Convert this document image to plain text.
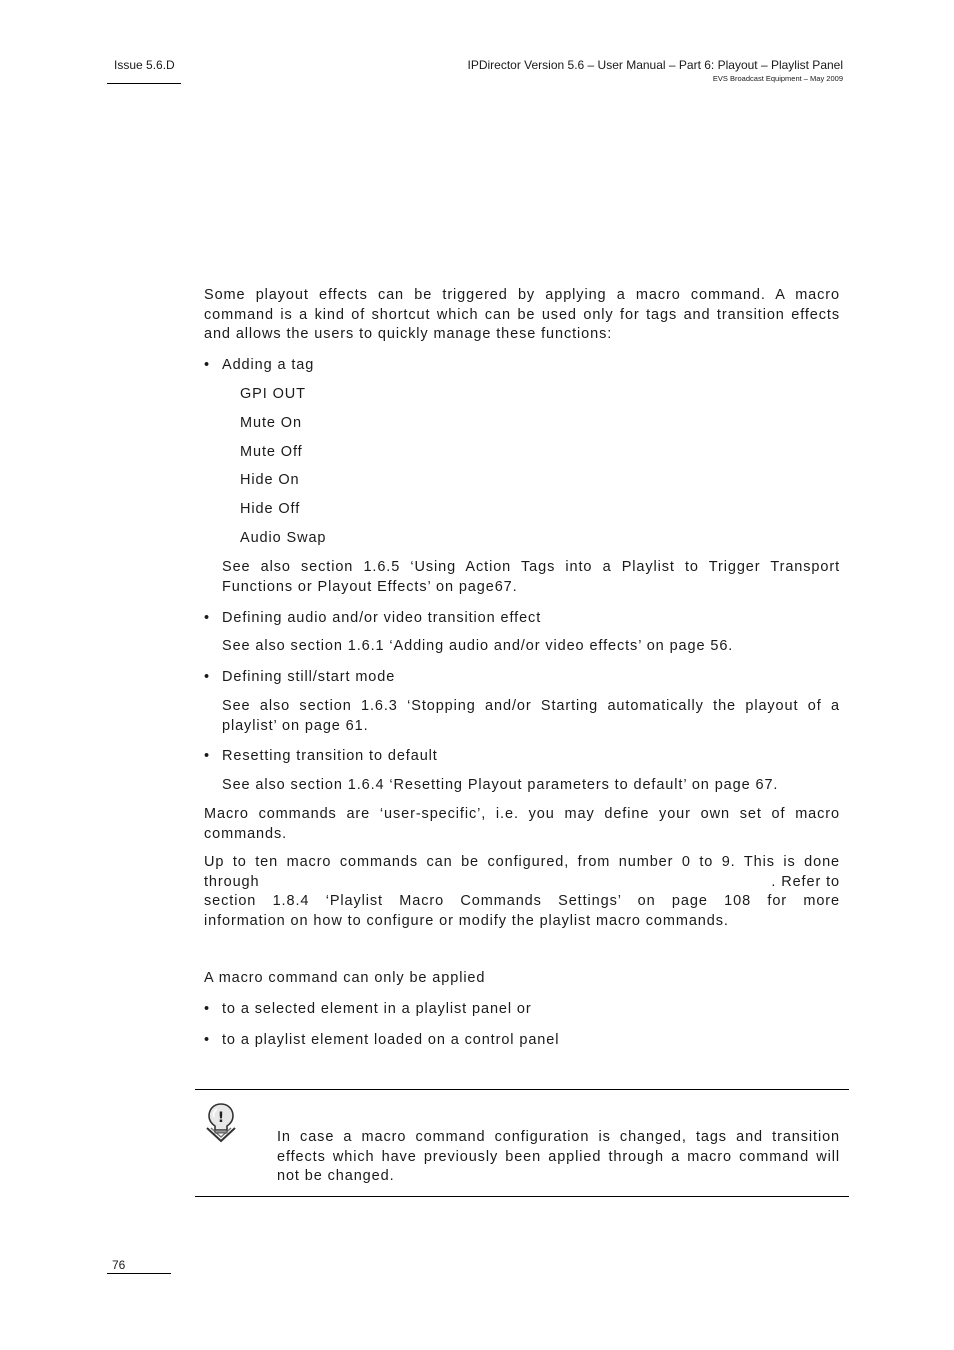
Issue 5.6.D	IPDirector Version 5.6 – User Manual – Part 6: Playout – Playlist Panel
EVS Broadcast Equipment – May 2009

Some playout effects can be triggered by applying a macro command. A macro command is a kind of shortcut which can be used only for tags and transition effects and allows the users to quickly manage these functions:

• Adding a tag

GPI OUT

Mute On

Mute Off

Hide On

Hide Off

Audio Swap

See also section 1.6.5 ‘Using Action Tags into a Playlist to Trigger Transport Functions or Playout Effects’ on page67.

• Defining audio and/or video transition effect

See also section 1.6.1 ‘Adding audio and/or video effects’ on page 56.

• Defining still/start mode

See also section 1.6.3 ‘Stopping and/or Starting automatically the playout of a playlist’ on page 61.

• Resetting transition to default

See also section 1.6.4 ‘Resetting Playout parameters to default’ on page 67.

Macro commands are ‘user-specific’, i.e. you may define your own set of macro commands.

Up to ten macro commands can be configured, from number 0 to 9. This is done
through	. Refer to
section 1.8.4 ‘Playlist Macro Commands Settings’ on page 108 for more
information on how to configure or modify the playlist macro commands.

A macro command can only be applied

• to a selected element in a playlist panel or

• to a playlist element loaded on a control panel

!

In case a macro command configuration is changed, tags and transition effects which have previously been applied through a macro command will not be changed.

76
